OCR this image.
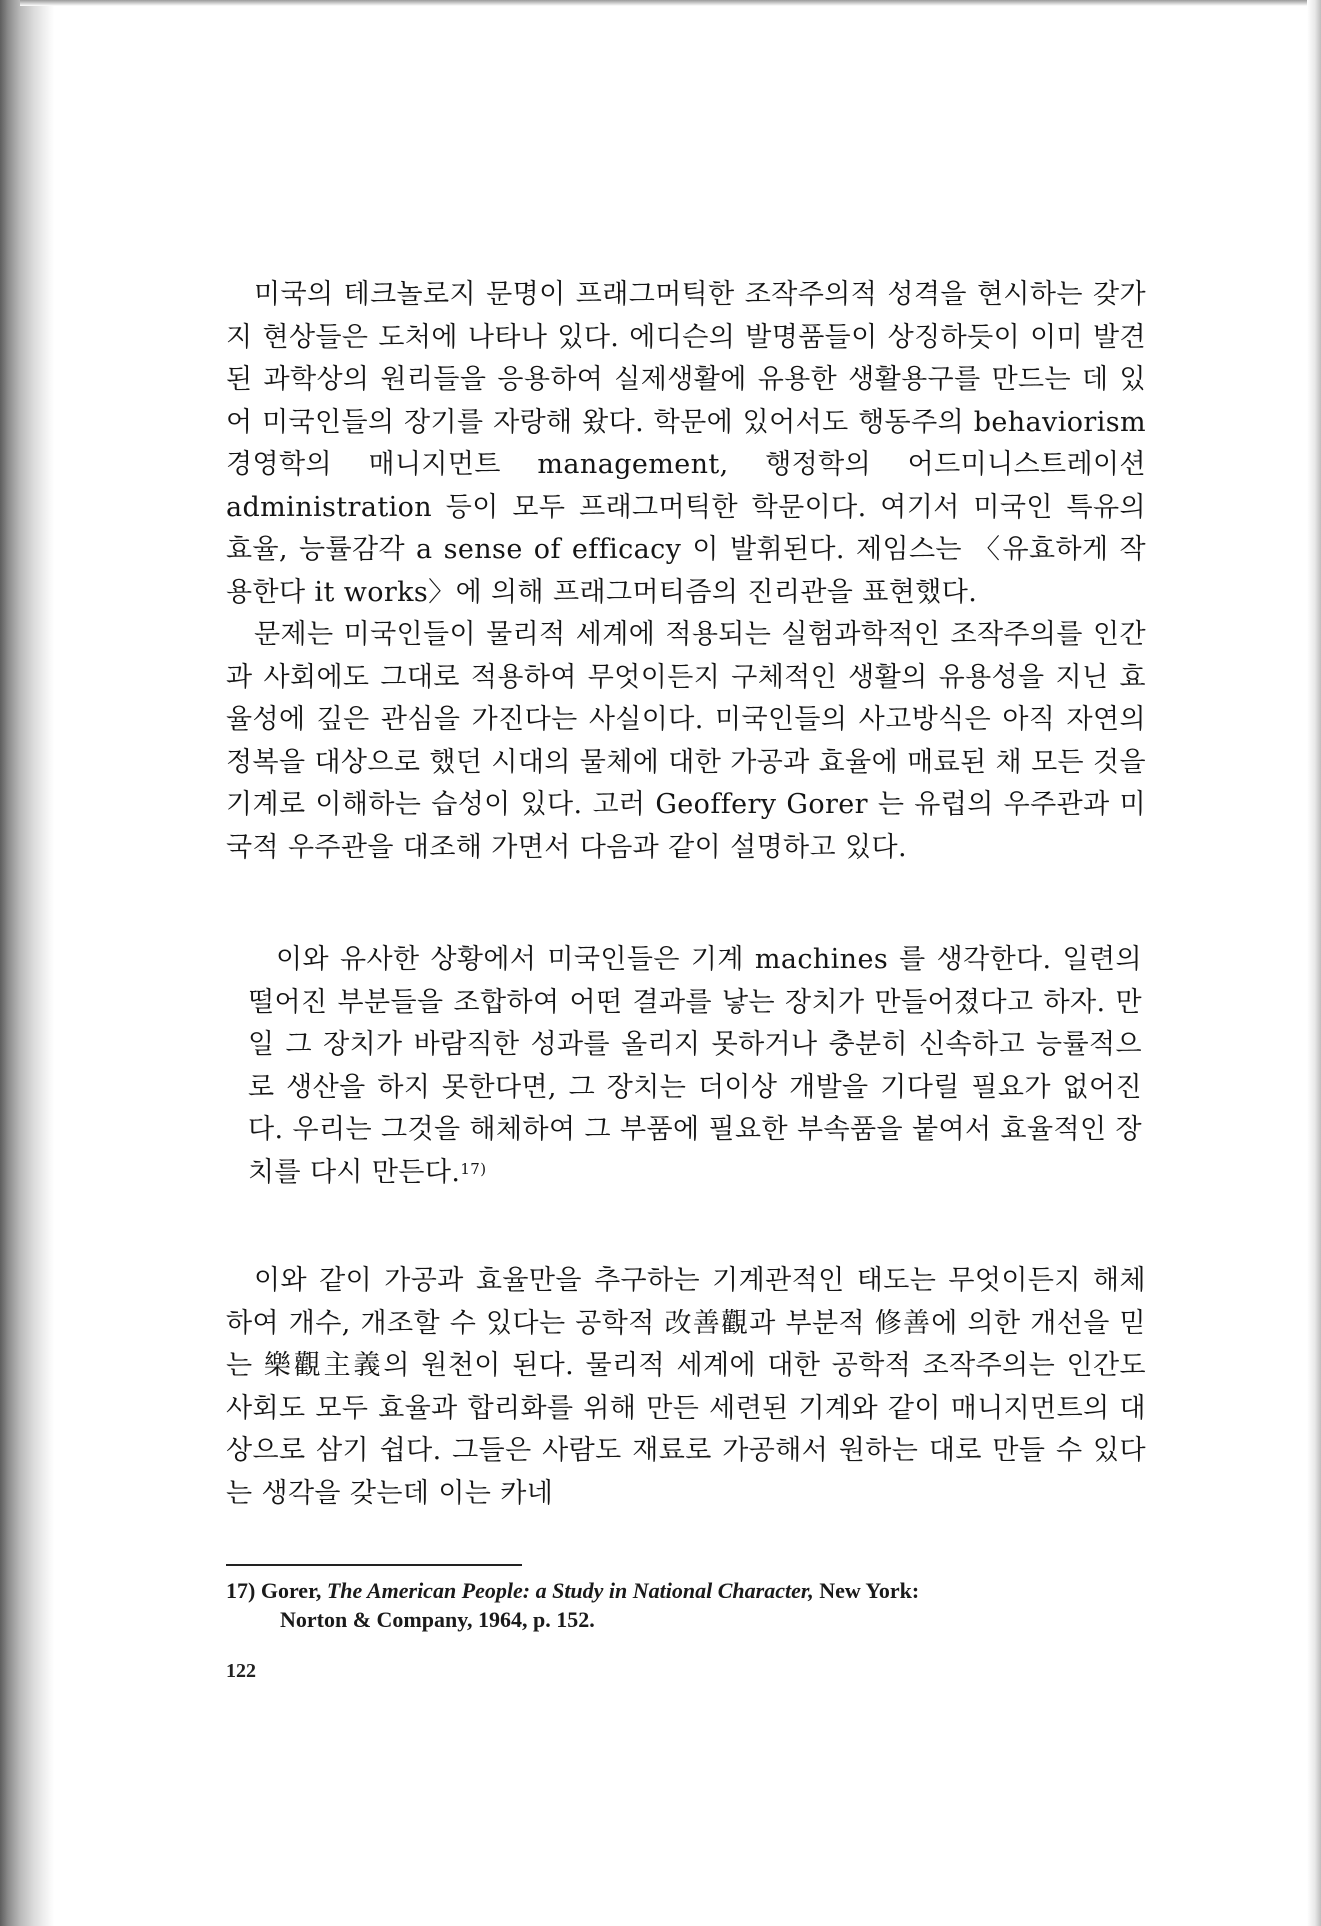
미국의 테크놀로지 문명이 프래그머틱한 조작주의적 성격을 현시하는 갖가지 현상들은 도처에 나타나 있다. 에디슨의 발명품들이 상징하듯이 이미 발견된 과학상의 원리들을 응용하여 실제생활에 유용한 생활용구를 만드는 데 있어 미국인들의 장기를 자랑해 왔다. 학문에 있어서도 행동주의 behaviorism 경영학의 매니지먼트 management, 행정학의 어드미니스트레이션 administration 등이 모두 프래그머틱한 학문이다. 여기서 미국인 특유의 효율, 능률감각 a sense of efficacy 이 발휘된다. 제임스는 〈유효하게 작용한다 it works〉에 의해 프래그머티즘의 진리관을 표현했다.

문제는 미국인들이 물리적 세계에 적용되는 실험과학적인 조작주의를 인간과 사회에도 그대로 적용하여 무엇이든지 구체적인 생활의 유용성을 지닌 효율성에 깊은 관심을 가진다는 사실이다. 미국인들의 사고방식은 아직 자연의 정복을 대상으로 했던 시대의 물체에 대한 가공과 효율에 매료된 채 모든 것을 기계로 이해하는 습성이 있다. 고러 Geoffery Gorer 는 유럽의 우주관과 미국적 우주관을 대조해 가면서 다음과 같이 설명하고 있다.

이와 유사한 상황에서 미국인들은 기계 machines 를 생각한다. 일련의 떨어진 부분들을 조합하여 어떤 결과를 낳는 장치가 만들어졌다고 하자. 만일 그 장치가 바람직한 성과를 올리지 못하거나 충분히 신속하고 능률적으로 생산을 하지 못한다면, 그 장치는 더이상 개발을 기다릴 필요가 없어진다. 우리는 그것을 해체하여 그 부품에 필요한 부속품을 붙여서 효율적인 장치를 다시 만든다.$^{17)}$

이와 같이 가공과 효율만을 추구하는 기계관적인 태도는 무엇이든지 해체하여 개수, 개조할 수 있다는 공학적 改善觀과 부분적 修善에 의한 개선을 믿는 樂觀主義의 원천이 된다. 물리적 세계에 대한 공학적 조작주의는 인간도 사회도 모두 효율과 합리화를 위해 만든 세련된 기계와 같이 매니지먼트의 대상으로 삼기 쉽다. 그들은 사람도 재료로 가공해서 원하는 대로 만들 수 있다는 생각을 갖는데 이는 카네

17) Gorer, The American People: a Study in National Character, New York:
Norton & Company, 1964, p. 152.
122
